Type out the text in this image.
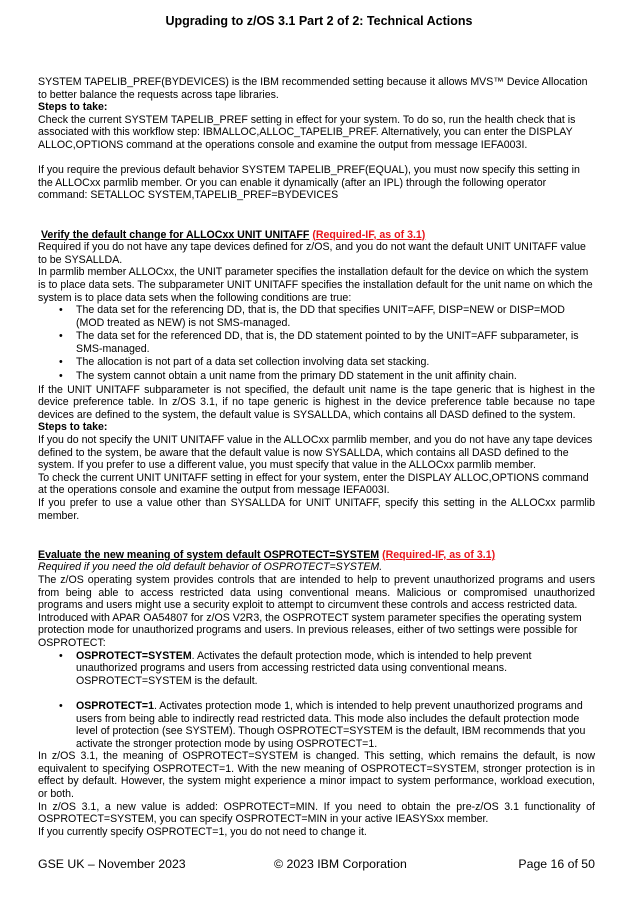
Upgrading to z/OS 3.1 Part 2 of 2: Technical Actions

SYSTEM TAPELIB_PREF(BYDEVICES) is the IBM recommended setting because it allows MVS™ Device Allocation to better balance the requests across tape libraries.

Steps to take:

Check the current SYSTEM TAPELIB_PREF setting in effect for your system. To do so, run the health check that is associated with this workflow step: IBMALLOC,ALLOC_TAPELIB_PREF. Alternatively, you can enter the DISPLAY ALLOC,OPTIONS command at the operations console and examine the output from message IEFA003I.

If you require the previous default behavior SYSTEM TAPELIB_PREF(EQUAL), you must now specify this setting in the ALLOCxx parmlib member. Or you can enable it dynamically (after an IPL) through the following operator command: SETALLOC SYSTEM,TAPELIB_PREF=BYDEVICES

Verify the default change for ALLOCxx UNIT UNITAFF (Required-IF, as of 3.1)

Required if you do not have any tape devices defined for z/OS, and you do not want the default UNIT UNITAFF value to be SYSALLDA.

In parmlib member ALLOCxx, the UNIT parameter specifies the installation default for the device on which the system is to place data sets. The subparameter UNIT UNITAFF specifies the installation default for the unit name on which the system is to place data sets when the following conditions are true:

• The data set for the referencing DD, that is, the DD that specifies UNIT=AFF, DISP=NEW or DISP=MOD (MOD treated as NEW) is not SMS-managed.
• The data set for the referenced DD, that is, the DD statement pointed to by the UNIT=AFF subparameter, is SMS-managed.
• The allocation is not part of a data set collection involving data set stacking.
• The system cannot obtain a unit name from the primary DD statement in the unit affinity chain.

If the UNIT UNITAFF subparameter is not specified, the default unit name is the tape generic that is highest in the device preference table. In z/OS 3.1, if no tape generic is highest in the device preference table because no tape devices are defined to the system, the default value is SYSALLDA, which contains all DASD defined to the system.

Steps to take:

If you do not specify the UNIT UNITAFF value in the ALLOCxx parmlib member, and you do not have any tape devices defined to the system, be aware that the default value is now SYSALLDA, which contains all DASD defined to the system. If you prefer to use a different value, you must specify that value in the ALLOCxx parmlib member.

To check the current UNIT UNITAFF setting in effect for your system, enter the DISPLAY ALLOC,OPTIONS command at the operations console and examine the output from message IEFA003I.

If you prefer to use a value other than SYSALLDA for UNIT UNITAFF, specify this setting in the ALLOCxx parmlib member.

Evaluate the new meaning of system default OSPROTECT=SYSTEM (Required-IF, as of 3.1)

Required if you need the old default behavior of OSPROTECT=SYSTEM.

The z/OS operating system provides controls that are intended to help to prevent unauthorized programs and users from being able to access restricted data using conventional means. Malicious or compromised unauthorized programs and users might use a security exploit to attempt to circumvent these controls and access restricted data.

Introduced with APAR OA54807 for z/OS V2R3, the OSPROTECT system parameter specifies the operating system protection mode for unauthorized programs and users. In previous releases, either of two settings were possible for OSPROTECT:

• OSPROTECT=SYSTEM. Activates the default protection mode, which is intended to help prevent unauthorized programs and users from accessing restricted data using conventional means. OSPROTECT=SYSTEM is the default.
• OSPROTECT=1. Activates protection mode 1, which is intended to help prevent unauthorized programs and users from being able to indirectly read restricted data. This mode also includes the default protection mode level of protection (see SYSTEM). Though OSPROTECT=SYSTEM is the default, IBM recommends that you activate the stronger protection mode by using OSPROTECT=1.

In z/OS 3.1, the meaning of OSPROTECT=SYSTEM is changed. This setting, which remains the default, is now equivalent to specifying OSPROTECT=1. With the new meaning of OSPROTECT=SYSTEM, stronger protection is in effect by default. However, the system might experience a minor impact to system performance, workload execution, or both.

In z/OS 3.1, a new value is added: OSPROTECT=MIN. If you need to obtain the pre-z/OS 3.1 functionality of OSPROTECT=SYSTEM, you can specify OSPROTECT=MIN in your active IEASYSxx member.

If you currently specify OSPROTECT=1, you do not need to change it.

GSE UK – November 2023	© 2023 IBM Corporation	Page 16 of 50
